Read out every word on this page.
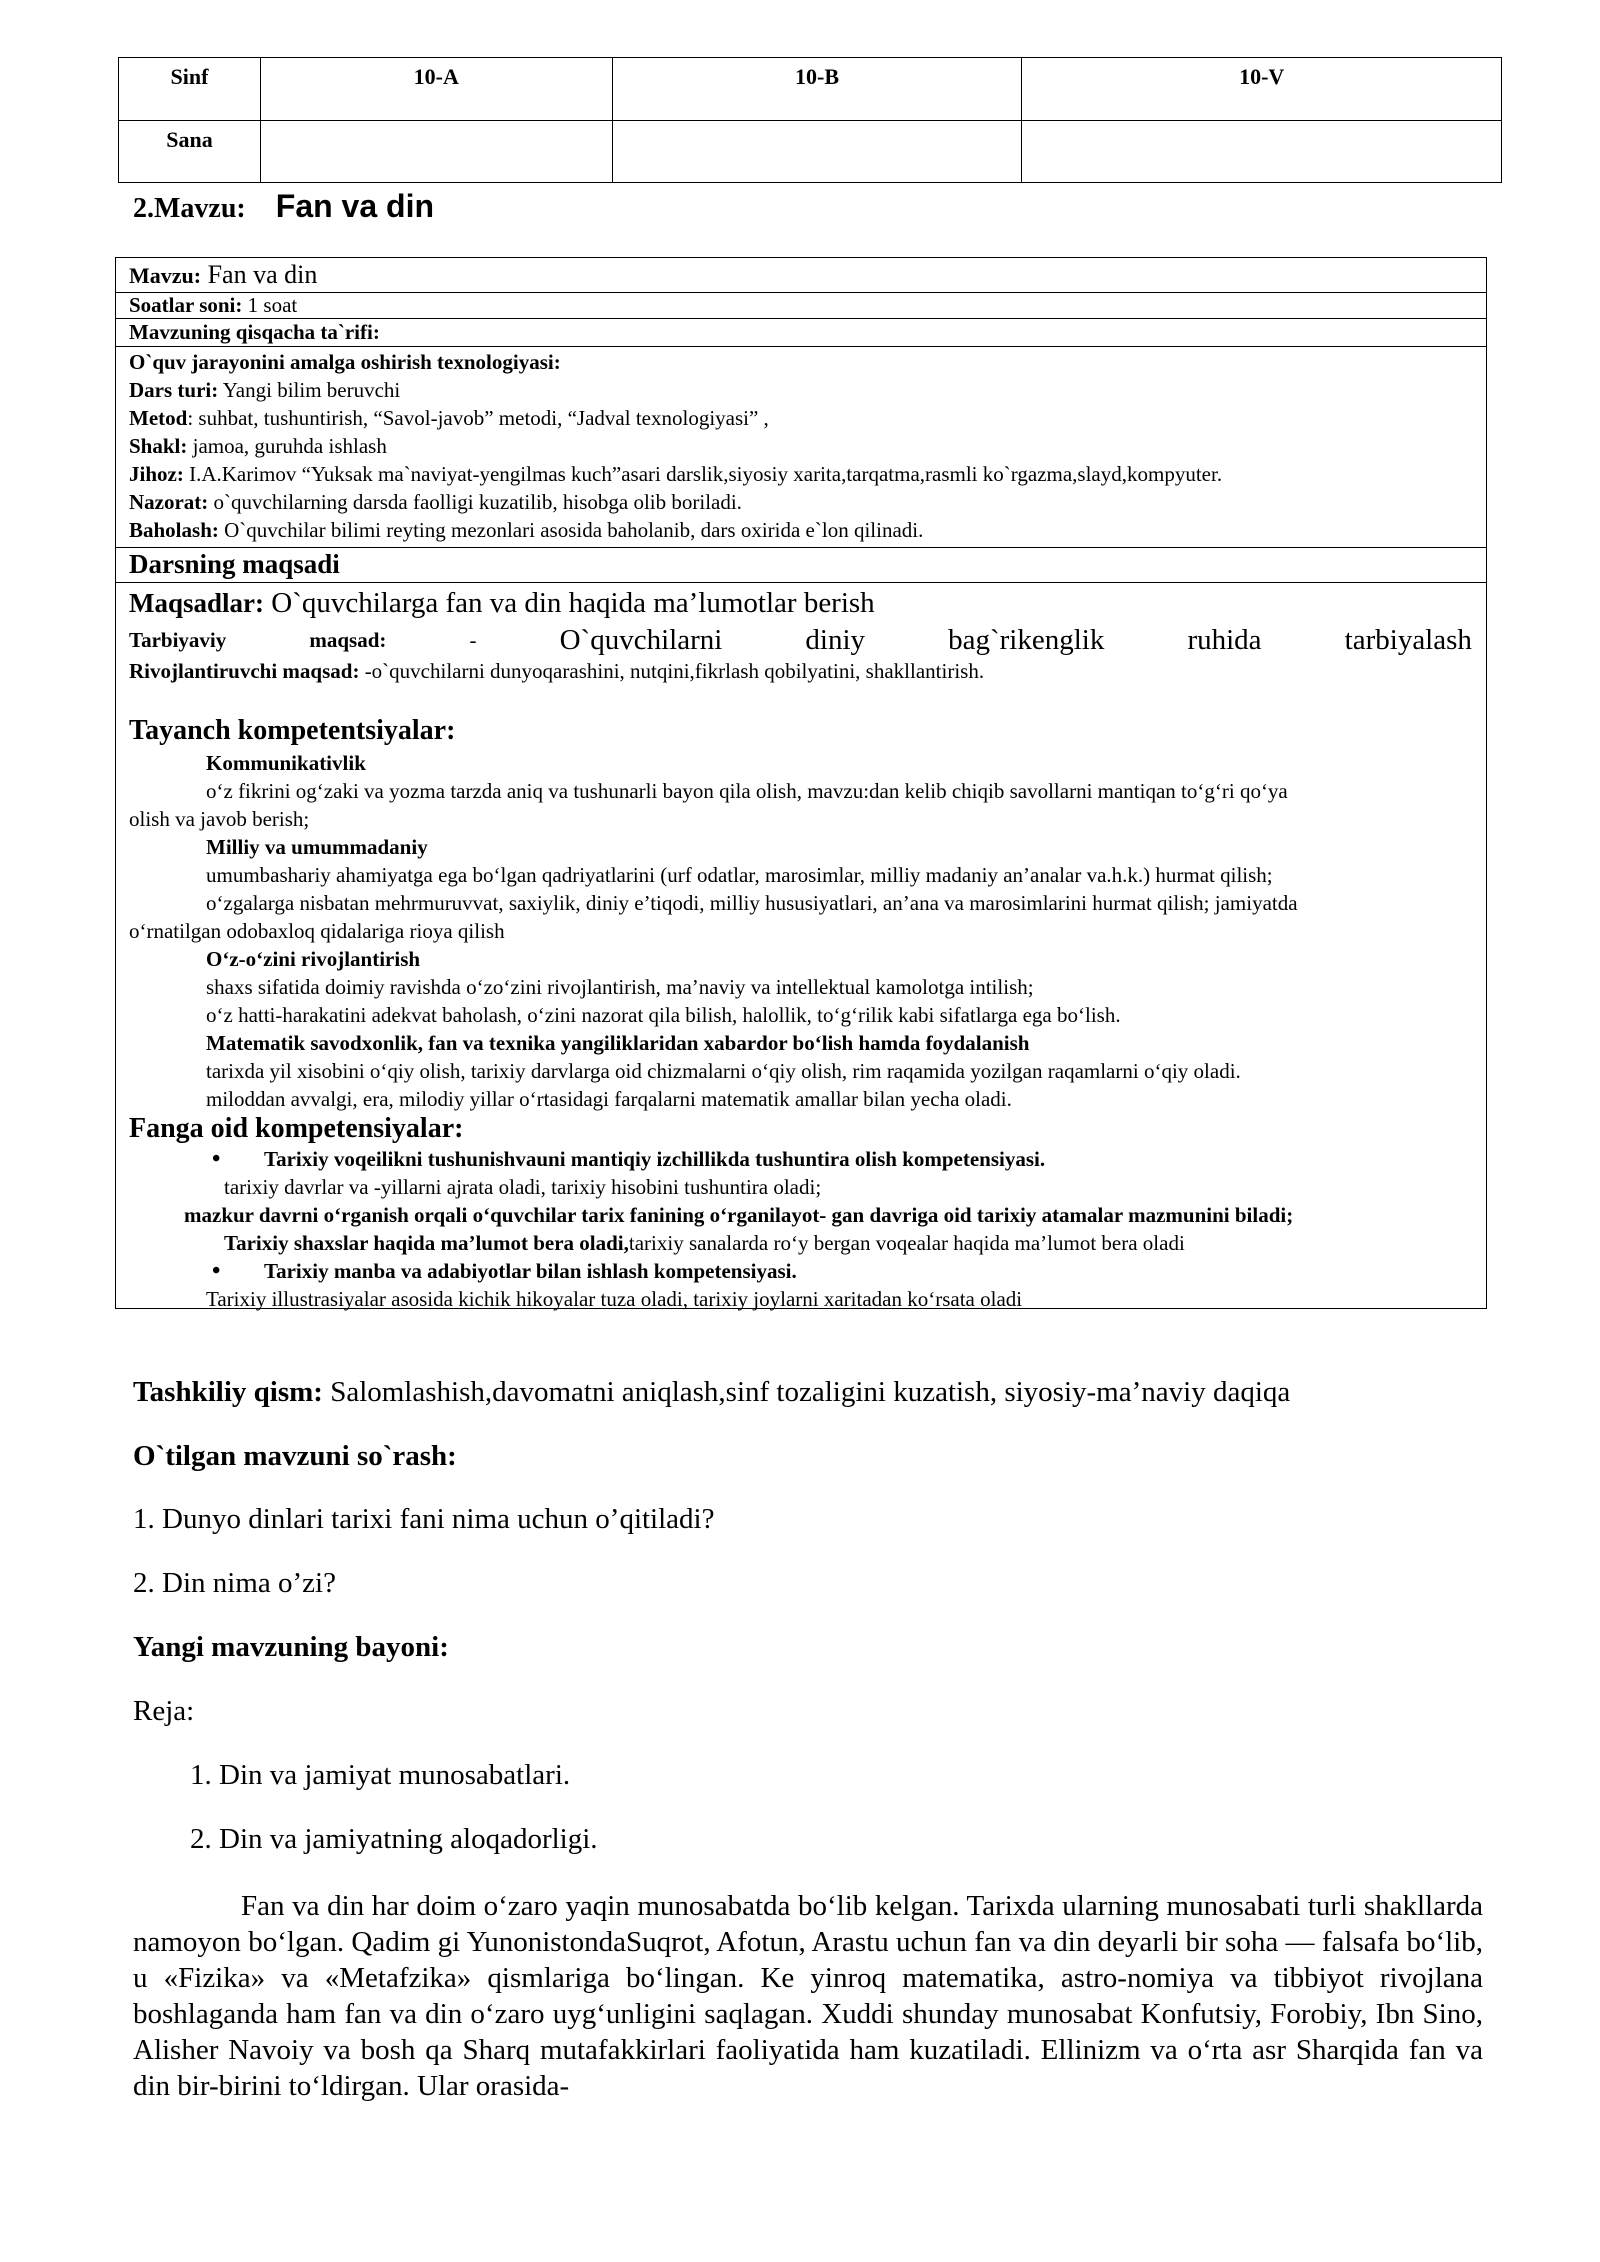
Sinf	10-A	10-B	10-V
Sana			
2.Mavzu: Fan va din
Mavzu: Fan va din
Soatlar soni: 1 soat
Mavzuning qisqacha ta`rifi:
O`quv jarayonini amalga oshirish texnologiyasi:
Dars turi: Yangi bilim beruvchi
Metod: suhbat, tushuntirish, “Savol-javob” metodi, “Jadval texnologiyasi” ,
Shakl: jamoa, guruhda ishlash
Jihoz: I.A.Karimov “Yuksak ma`naviyat-yengilmas kuch”asari darslik,siyosiy xarita,tarqatma,rasmli ko`rgazma,slayd,kompyuter.
Nazorat: o`quvchilarning darsda faolligi kuzatilib, hisobga olib boriladi.
Baholash: O`quvchilar bilimi reyting mezonlari asosida baholanib, dars oxirida e`lon qilinadi.
Darsning maqsadi
Maqsadlar: O`quvchilarga fan va din haqida ma’lumotlar berish
Tarbiyaviy	maqsad:	-	O`quvchilarni	diniy	bag`rikenglik	ruhida	tarbiyalash
Rivojlantiruvchi maqsad: -o`quvchilarni dunyoqarashini, nutqini,fikrlash qobilyatini, shakllantirish.
Tayanch kompetentsiyalar:
Kommunikativlik
o‘z fikrini og‘zaki va yozma tarzda aniq va tushunarli bayon qila olish, mavzu:dan kelib chiqib savollarni mantiqan to‘g‘ri qo‘ya
olish va javob berish;
Milliy va umummadaniy
umumbashariy ahamiyatga ega bo‘lgan qadriyatlarini (urf odatlar, marosimlar, milliy madaniy an’analar va.h.k.) hurmat qilish;
o‘zgalarga nisbatan mehrmuruvvat, saxiylik, diniy e’tiqodi, milliy hususiyatlari, an’ana va marosimlarini hurmat qilish; jamiyatda
o‘rnatilgan odobaxloq qidalariga rioya qilish
O‘z-o‘zini rivojlantirish
shaxs sifatida doimiy ravishda o‘zo‘zini rivojlantirish, ma’naviy va intellektual kamolotga intilish;
o‘z hatti-harakatini adekvat baholash, o‘zini nazorat qila bilish, halollik, to‘g‘rilik kabi sifatlarga ega bo‘lish.
Matematik savodxonlik, fan va texnika yangiliklaridan xabardor bo‘lish hamda foydalanish
tarixda yil xisobini o‘qiy olish, tarixiy darvlarga oid chizmalarni o‘qiy olish, rim raqamida yozilgan raqamlarni o‘qiy oladi.
miloddan avvalgi, era, milodiy yillar o‘rtasidagi farqalarni matematik amallar bilan yecha oladi.
Fanga oid kompetensiyalar:
• Tarixiy voqeilikni tushunishvauni mantiqiy izchillikda tushuntira olish kompetensiyasi.
tarixiy davrlar va -yillarni ajrata oladi, tarixiy hisobini tushuntira oladi;
mazkur davrni o‘rganish orqali o‘quvchilar tarix fanining o‘rganilayot- gan davriga oid tarixiy atamalar mazmunini biladi;
Tarixiy shaxslar haqida ma’lumot bera oladi,tarixiy sanalarda ro‘y bergan voqealar haqida ma’lumot bera oladi
• Tarixiy manba va adabiyotlar bilan ishlash kompetensiyasi.
Tarixiy illustrasiyalar asosida kichik hikoyalar tuza oladi, tarixiy joylarni xaritadan ko‘rsata oladi
Tashkiliy qism: Salomlashish,davomatni aniqlash,sinf tozaligini kuzatish, siyosiy-ma’naviy daqiqa
O`tilgan mavzuni so`rash:
1. Dunyo dinlari tarixi fani nima uchun o’qitiladi?
2. Din nima o’zi?
Yangi mavzuning bayoni:
Reja:
1. Din va jamiyat munosabatlari.
2. Din va jamiyatning aloqadorligi.
Fan va din har doim o‘zaro yaqin munosabatda bo‘lib kelgan. Tarixda ularning munosabati turli shakllarda namoyon bo‘lgan. Qadim gi YunonistondaSuqrot, Afotun, Arastu uchun fan va din deyarli bir soha — falsafa bo‘lib, u «Fizika» va «Metafzika» qismlariga bo‘lingan. Ke yinroq matematika, astro-nomiya va tibbiyot rivojlana boshlaganda ham fan va din o‘zaro uyg‘unligini saqlagan. Xuddi shunday munosabat Konfutsiy, Forobiy, Ibn Sino, Alisher Navoiy va bosh qa Sharq mutafakkirlari faoliyatida ham kuzatiladi. Ellinizm va o‘rta asr Sharqida fan va din bir-birini to‘ldirgan. Ular orasida-
